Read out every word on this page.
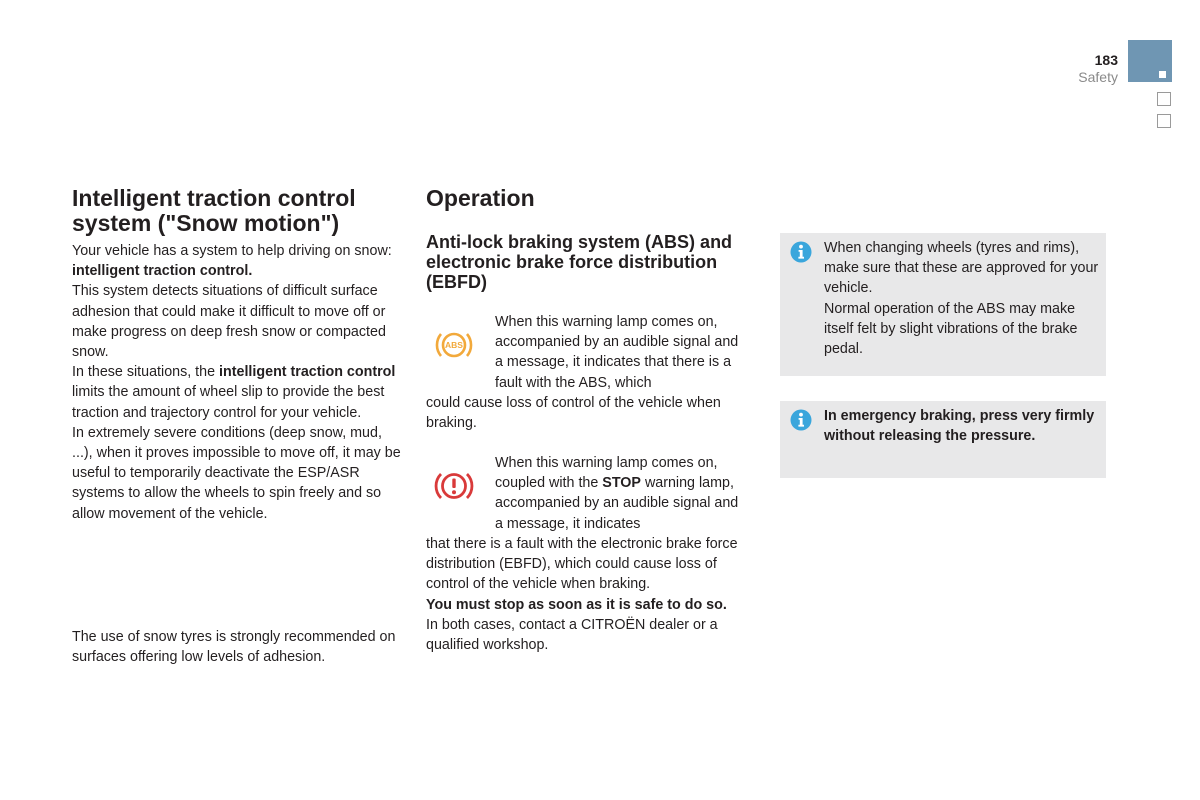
183
Safety
Intelligent traction control system ("Snow motion")

Your vehicle has a system to help driving on snow: intelligent traction control.

This system detects situations of difficult surface adhesion that could make it difficult to move off or make progress on deep fresh snow or compacted snow.

In these situations, the intelligent traction control limits the amount of wheel slip to provide the best traction and trajectory control for your vehicle.

In extremely severe conditions (deep snow, mud, ...), when it proves impossible to move off, it may be useful to temporarily deactivate the ESP/ASR systems to allow the wheels to spin freely and so allow movement of the vehicle.

The use of snow tyres is strongly recommended on surfaces offering low levels of adhesion.
Operation
Anti-lock braking system (ABS) and electronic brake force distribution (EBFD)
ABS
When this warning lamp comes on, accompanied by an audible signal and a message, it indicates that there is a fault with the ABS, which
could cause loss of control of the vehicle when braking.
When this warning lamp comes on, coupled with the STOP warning lamp, accompanied by an audible signal and a message, it indicates

that there is a fault with the electronic brake force distribution (EBFD), which could cause loss of control of the vehicle when braking.

You must stop as soon as it is safe to do so.

In both cases, contact a CITROËN dealer or a qualified workshop.

When changing wheels (tyres and rims), make sure that these are approved for your vehicle.

Normal operation of the ABS may make itself felt by slight vibrations of the brake pedal.

In emergency braking, press very firmly without releasing the pressure.
